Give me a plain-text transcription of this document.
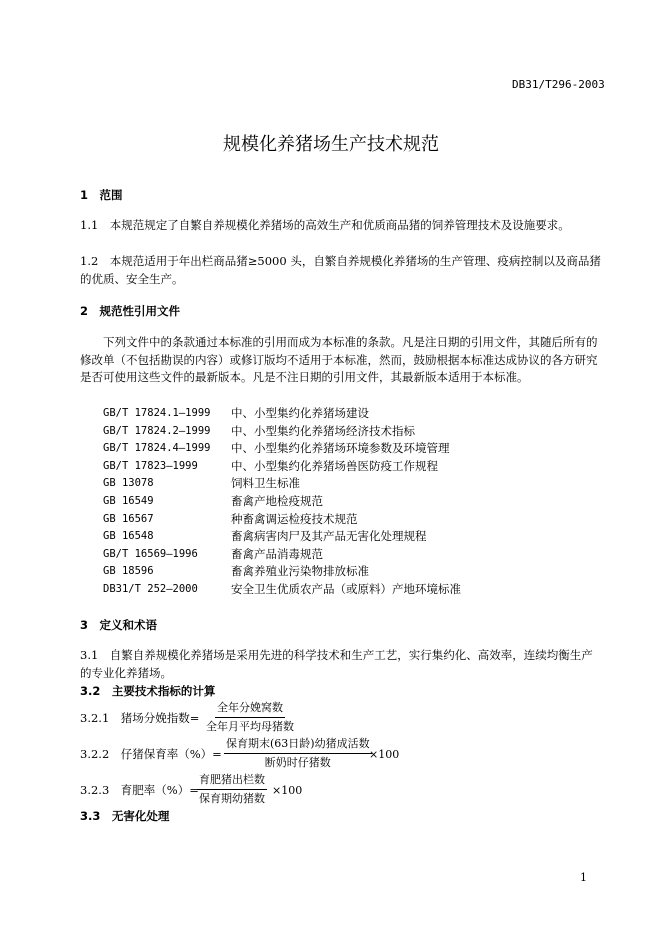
DB31/T296-2003
规模化养猪场生产技术规范
1　范围
1.1　本规范规定了自繁自养规模化养猪场的高效生产和优质商品猪的饲养管理技术及设施要求。
1.2　本规范适用于年出栏商品猪≥5000 头，自繁自养规模化养猪场的生产管理、疫病控制以及商品猪的优质、安全生产。
2　规范性引用文件
下列文件中的条款通过本标准的引用而成为本标准的条款。凡是注日期的引用文件，其随后所有的修改单（不包括勘误的内容）或修订版均不适用于本标准，然而，鼓励根据本标准达成协议的各方研究是否可使用这些文件的最新版本。凡是不注日期的引用文件，其最新版本适用于本标准。
GB/T 17824.1—1999	中、小型集约化养猪场建设
GB/T 17824.2—1999	中、小型集约化养猪场经济技术指标
GB/T 17824.4—1999	中、小型集约化养猪场环境参数及环境管理
GB/T 17823—1999	中、小型集约化养猪场兽医防疫工作规程
GB 13078	饲料卫生标准
GB 16549	畜禽产地检疫规范
GB 16567	种畜禽调运检疫技术规范
GB 16548	畜禽病害肉尸及其产品无害化处理规程
GB/T 16569—1996	畜禽产品消毒规范
GB 18596	畜禽养殖业污染物排放标准
DB31/T 252—2000	安全卫生优质农产品（或原料）产地环境标准
3　定义和术语
3.1　自繁自养规模化养猪场是采用先进的科学技术和生产工艺，实行集约化、高效率，连续均衡生产的专业化养猪场。
3.2　主要技术指标的计算
3.2.1　猪场分娩指数=
全年分娩窝数
全年月平均母猪数
3.2.2　仔猪保育率（%）=
保育期末(63日龄)幼猪成活数
断奶时仔猪数
×100
3.2.3　育肥率（%）=
育肥猪出栏数
保育期幼猪数
×100
3.3　无害化处理
1
